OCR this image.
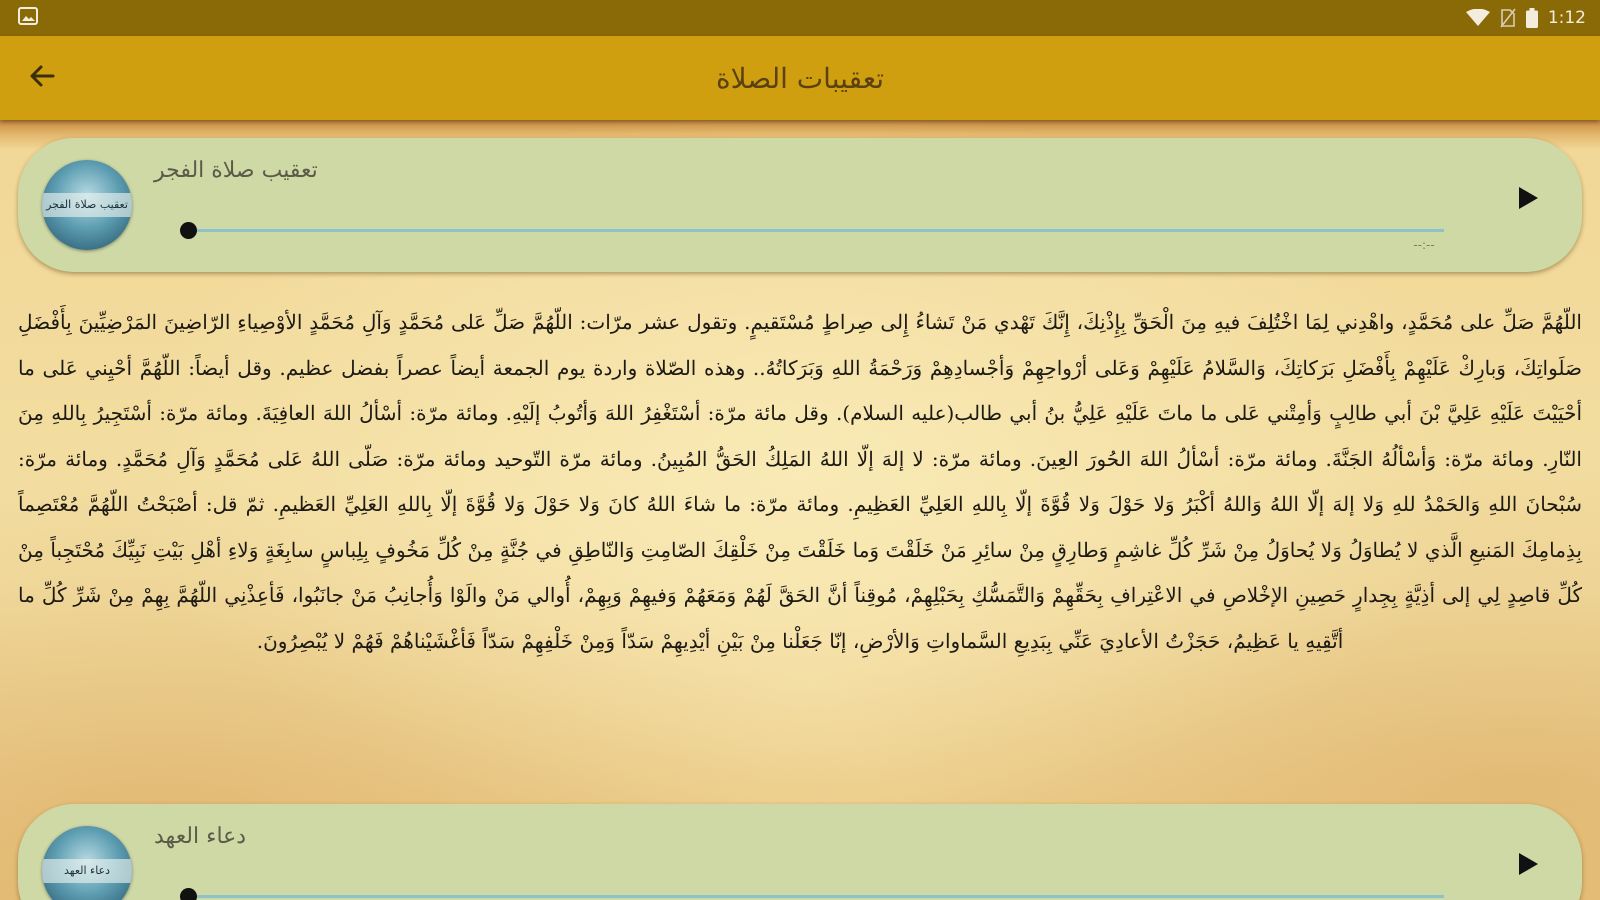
1:12
تعقيبات الصلاة
تعقيب صلاة الفجر
تعقيب صلاة الفجر
--:--
اللّهُمَّ صَلِّ على مُحَمَّدٍ، واهْدِني لِمَا اخْتُلِفَ فيهِ مِنَ الْحَقِّ بِإِذْنِكَ، إِنَّكَ تَهْدي مَنْ تَشاءُ إِلى صِراطٍ مُسْتَقيمٍ. وتقول عشر مرّات: اللّهُمَّ صَلِّ عَلى مُحَمَّدٍ وَآلِ مُحَمَّدٍ الأوْصِياءِ الرّاضِينَ المَرْضِيِّينَ بِأَفْضَلِ صَلَواتِكَ، وَبارِكْ عَلَيْهِمْ بِأَفْضَلِ بَرَكاتِكَ، وَالسَّلامُ عَلَيْهِمْ وَعَلى أرْواحِهِمْ وَأجْسادِهِمْ وَرَحْمَةُ اللهِ وَبَرَكاتُهُ.. وهذه الصّلاة واردة يوم الجمعة أيضاً عصراً بفضل عظيم. وقل أيضاً: اللّهُمَّ أحْيِني عَلى ما أحْيَيْتَ عَلَيْهِ عَلِيَّ بْنَ أبي طالِبٍ وَأمِتْني عَلى ما ماتَ عَلَيْهِ عَلِيُّ بنُ أبي طالب(عليه السلام). وقل مائة مرّة: أسْتَغْفِرُ اللهَ وَأتُوبُ إلَيْهِ. ومائة مرّة: أسْألُ اللهَ العافِيَةَ. ومائة مرّة: أسْتَجِيرُ بِاللهِ مِنَ النّارِ. ومائة مرّة: وَأسْألُهُ الجَنَّةَ. ومائة مرّة: أسْألُ اللهَ الحُورَ العِينَ. ومائة مرّة: لا إلهَ إلّا اللهُ المَلِكُ الحَقُّ المُبِينُ. ومائة مرّة التّوحيد ومائة مرّة: صَلّى اللهُ عَلى مُحَمَّدٍ وَآلِ مُحَمَّدٍ. ومائة مرّة: سُبْحانَ اللهِ وَالحَمْدُ للهِ وَلا إلهَ إلّا اللهُ وَاللهُ أكْبَرُ وَلا حَوْلَ وَلا قُوَّةَ إلّا بِاللهِ العَلِيِّ العَظِيمِ. ومائة مرّة: ما شاءَ اللهُ كانَ وَلا حَوْلَ وَلا قُوَّةَ إلّا بِاللهِ العَلِيِّ العَظيمِ. ثمّ قل: أصْبَحْتُ اللّهُمَّ مُعْتَصِماً بِذِمامِكَ المَنيعِ الَّذي لا يُطاوَلُ وَلا يُحاوَلُ مِنْ شَرِّ كُلِّ غاشِمٍ وَطارِقٍ مِنْ سائِرِ مَنْ خَلَقْتَ وَما خَلَقْتَ مِنْ خَلْقِكَ الصّامِتِ وَالنّاطِقِ في جُنَّةٍ مِنْ كُلِّ مَخُوفٍ بِلِباسٍ سابِغَةٍ وَلاءِ أهْلِ بَيْتِ نَبِيِّكَ مُحْتَجِباً مِنْ كُلِّ قاصِدٍ لِي إلى أذِيَّةٍ بِجِدارٍ حَصِينِ الإخْلاصِ في الاعْتِرافِ بِحَقِّهِمْ وَالتَّمَسُّكِ بِحَبْلِهِمْ، مُوقِناً أنَّ الحَقَّ لَهُمْ وَمَعَهُمْ وَفيهِمْ وَبِهِمْ، أُوالي مَنْ والَوْا وَأُجانِبُ مَنْ جانَبُوا، فَأعِذْنِي اللّهُمَّ بِهِمْ مِنْ شَرِّ كُلِّ ما أتَّقِيهِ يا عَظِيمُ، حَجَزْتُ الأعادِيَ عَنِّي بِبَدِيعِ السَّماواتِ وَالأرْضِ، إنّا جَعَلْنا مِنْ بَيْنِ أيْدِيهِمْ سَدّاً وَمِنْ خَلْفِهِمْ سَدّاً فَأغْشَيْناهُمْ فَهُمْ لا يُبْصِرُونَ.
دعاء العهد
دعاء العهد
